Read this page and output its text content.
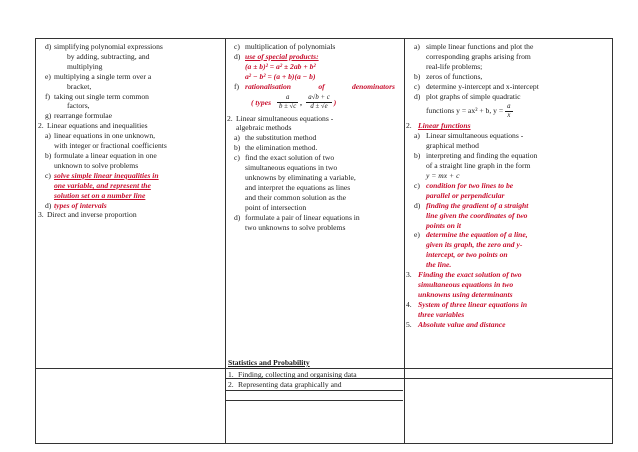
d) simplifying polynomial expressions
by adding, subtracting, and
multiplying
e) multiplying a single term over a
bracket,
f) taking out single term common
factors,
g) rearrange formulae
2. Linear equations and inequalities
a) linear equations in one unknown,
with integer or fractional coefficients
b) formulate a linear equation in one
unknown to solve problems
c) solve simple linear inequalities in
one variable, and represent the
solution set on a number line
d) types of intervals
3. Direct and inverse proportion
c) multiplication of polynomials
d) use of special products:
(a ± b)² = a² ± 2ab + b²
a² − b² = (a + b)(a − b)
f) rationalisation	of	denominators
( types $\frac{a}{b \pm √c}$ , $\frac{a√b + c}{d \pm √e}$ )
2. Linear simultaneous equations -
algebraic methods
a) the substitution method
b) the elimination method.
c) find the exact solution of two
simultaneous equations in two
unknowns by eliminating a variable,
and interpret the equations as lines
and their common solution as the
point of intersection
d) formulate a pair of linear equations in
two unknowns to solve problems
a) simple linear functions and plot the
corresponding graphs arising from
real-life problems;
b) zeros of functions,
c) determine y-intercept and x-intercept
d) plot graphs of simple quadratic
functions y = ax² + b, $y = \frac{a}{x}$
2. Linear functions
a) Linear simultaneous equations -
graphical method
b) interpreting and finding the equation
of a straight line graph in the form
y = mx + c
c) condition for two lines to be
parallel or perpendicular
d) finding the gradient of a straight
line given the coordinates of two
points on it
e) determine the equation of a line,
given its graph, the zero and y-
intercept, or two points on
the line.
3. Finding the exact solution of two
simultaneous equations in two
unknowns using determinants
4. System of three linear equations in
three variables
5. Absolute value and distance
Statistics and Probability
1. Finding, collecting and organising data
2. Representing data graphically and
